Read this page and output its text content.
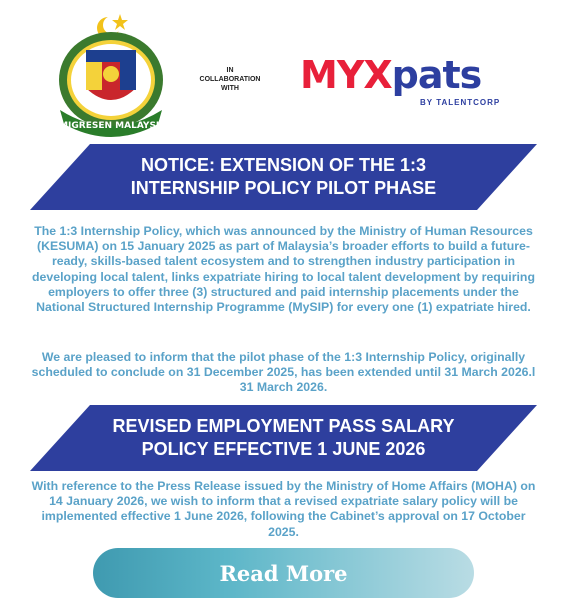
IMIGRESEN MALAYSIA
IN
COLLABORATION
WITH	MYXpats
BY TALENTCORP
NOTICE: EXTENSION OF THE 1:3
INTERNSHIP POLICY PILOT PHASE
The 1:3 Internship Policy, which was announced by the Ministry of Human Resources (KESUMA) on 15 January 2025 as part of Malaysia’s broader efforts to build a future-ready, skills-based talent ecosystem and to strengthen industry participation in developing local talent, links expatriate hiring to local talent development by requiring employers to offer three (3) structured and paid internship placements under the National Structured Internship Programme (MySIP) for every one (1) expatriate hired.
We are pleased to inform that the pilot phase of the 1:3 Internship Policy, originally scheduled to conclude on 31 December 2025, has been extended until 31 March 2026.l 31 March 2026.
REVISED EMPLOYMENT PASS SALARY
POLICY EFFECTIVE 1 JUNE 2026
With reference to the Press Release issued by the Ministry of Home Affairs (MOHA) on 14 January 2026, we wish to inform that a revised expatriate salary policy will be implemented effective 1 June 2026, following the Cabinet’s approval on 17 October 2025.
Read More
